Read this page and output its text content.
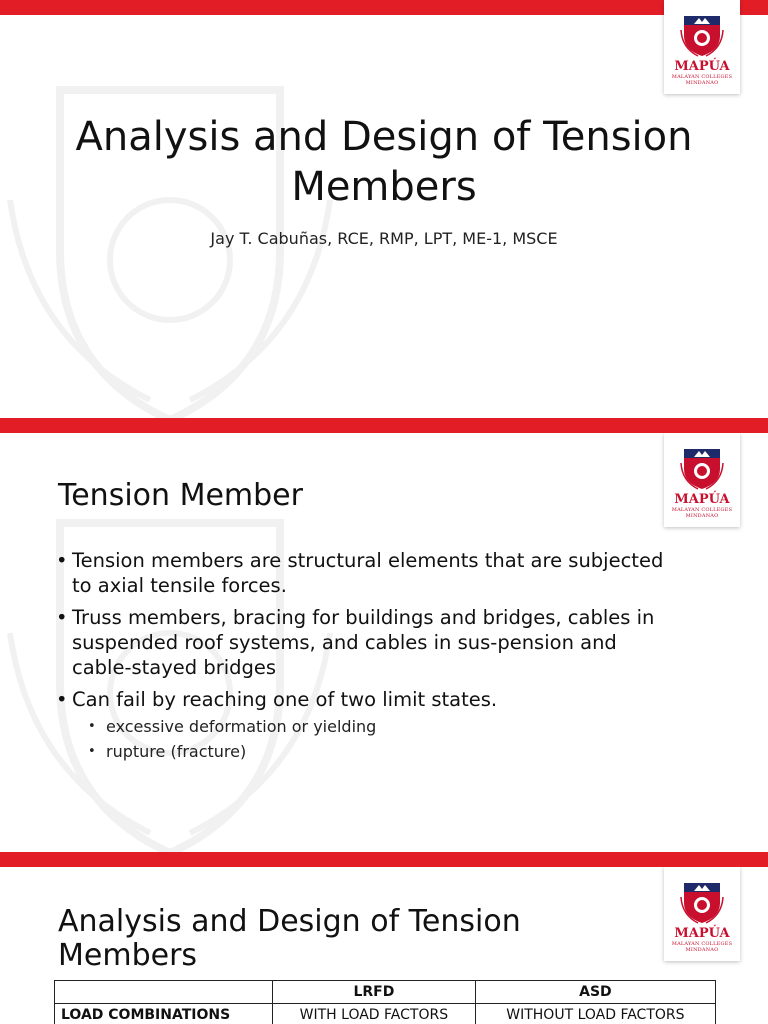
MAPÚA
MALAYAN COLLEGES
MINDANAO
Analysis and Design of Tension Members
Jay T. Cabuñas, RCE, RMP, LPT, ME-1, MSCE
MAPÚA
MALAYAN COLLEGES
MINDANAO
Tension Member
• Tension members are structural elements that are subjected to axial tensile forces.
• Truss members, bracing for buildings and bridges, cables in suspended roof systems, and cables in sus-pension and cable-stayed bridges
• Can fail by reaching one of two limit states.
• excessive deformation or yielding
• rupture (fracture)
MAPÚA
MALAYAN COLLEGES
MINDANAO
Analysis and Design of Tension Members
	LRFD	ASD
LOAD COMBINATIONS	WITH LOAD FACTORS	WITHOUT LOAD FACTORS
